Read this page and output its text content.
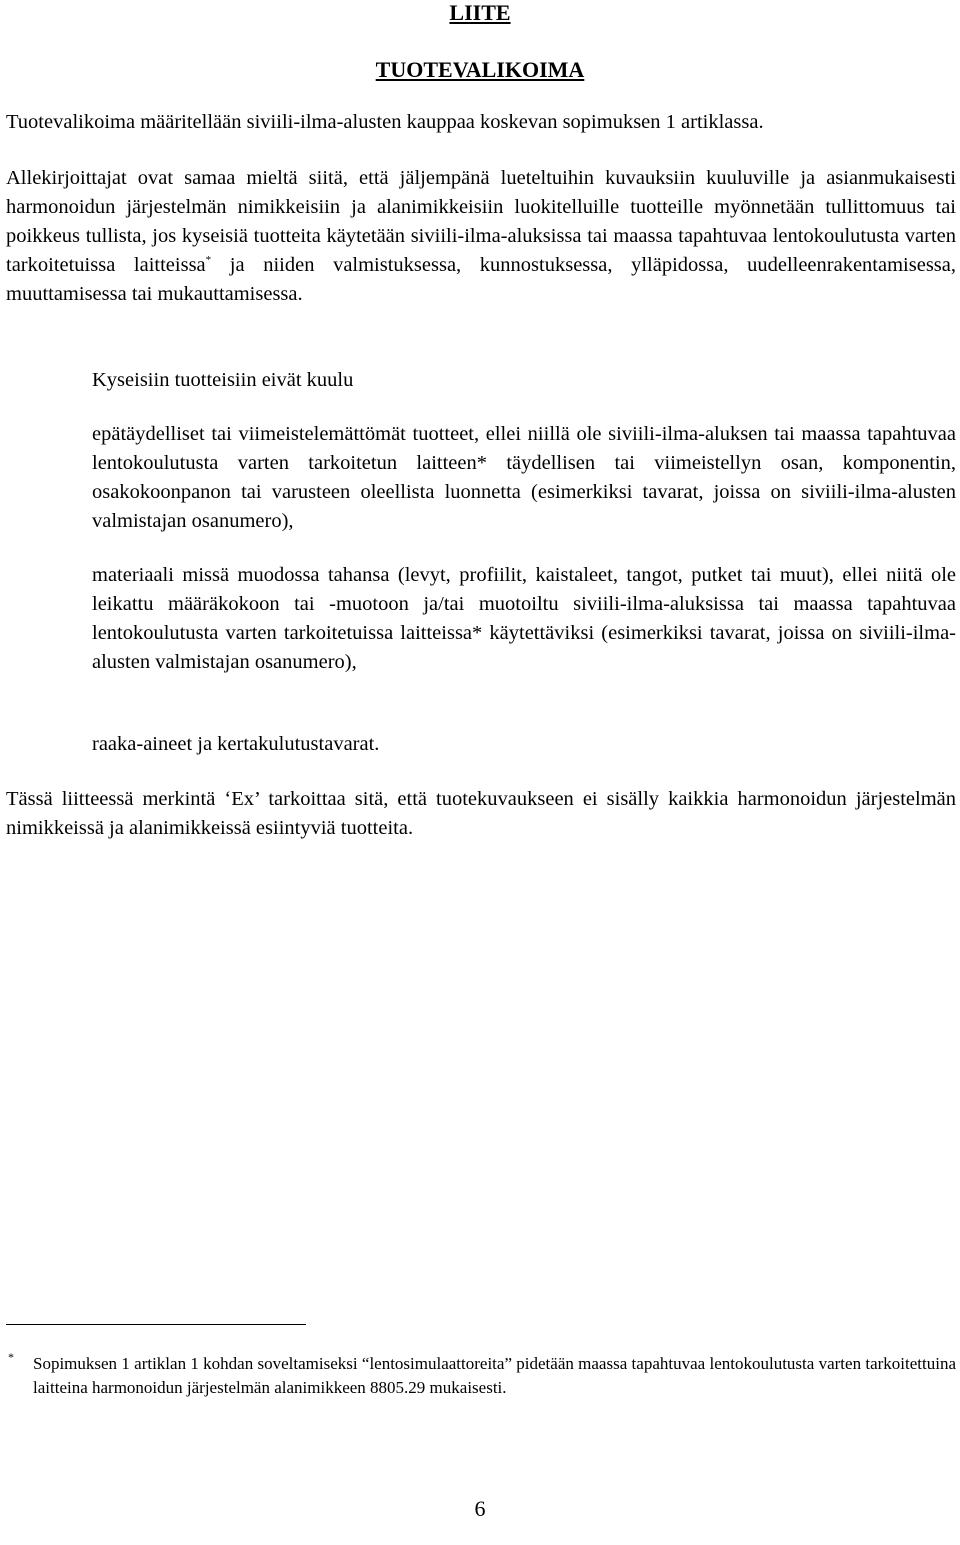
LIITE
TUOTEVALIKOIMA

Tuotevalikoima määritellään siviili-ilma-alusten kauppaa koskevan sopimuksen 1 artiklassa.

Allekirjoittajat ovat samaa mieltä siitä, että jäljempänä lueteltuihin kuvauksiin kuuluville ja asianmukaisesti harmonoidun järjestelmän nimikkeisiin ja alanimikkeisiin luokitelluille tuotteille myönnetään tullittomuus tai poikkeus tullista, jos kyseisiä tuotteita käytetään siviili-ilma-aluksissa tai maassa tapahtuvaa lentokoulutusta varten tarkoitetuissa laitteissa* ja niiden valmistuksessa, kunnostuksessa, ylläpidossa, uudelleenrakentamisessa, muuttamisessa tai mukauttamisessa.

Kyseisiin tuotteisiin eivät kuulu

epätäydelliset tai viimeistelemättömät tuotteet, ellei niillä ole siviili-ilma-aluksen tai maassa tapahtuvaa lentokoulutusta varten tarkoitetun laitteen* täydellisen tai viimeistellyn osan, komponentin, osakokoonpanon tai varusteen oleellista luonnetta (esimerkiksi tavarat, joissa on siviili-ilma-alusten valmistajan osanumero),

materiaali missä muodossa tahansa (levyt, profiilit, kaistaleet, tangot, putket tai muut), ellei niitä ole leikattu määräkokoon tai -muotoon ja/tai muotoiltu siviili-ilma-aluksissa tai maassa tapahtuvaa lentokoulutusta varten tarkoitetuissa laitteissa* käytettäviksi (esimerkiksi tavarat, joissa on siviili-ilma-alusten valmistajan osanumero),

raaka-aineet ja kertakulutustavarat.

Tässä liitteessä merkintä ‘Ex’ tarkoittaa sitä, että tuotekuvaukseen ei sisälly kaikkia harmonoidun järjestelmän nimikkeissä ja alanimikkeissä esiintyviä tuotteita.

* Sopimuksen 1 artiklan 1 kohdan soveltamiseksi “lentosimulaattoreita” pidetään maassa tapahtuvaa lentokoulutusta varten tarkoitettuina laitteina harmonoidun järjestelmän alanimikkeen 8805.29 mukaisesti.

6
